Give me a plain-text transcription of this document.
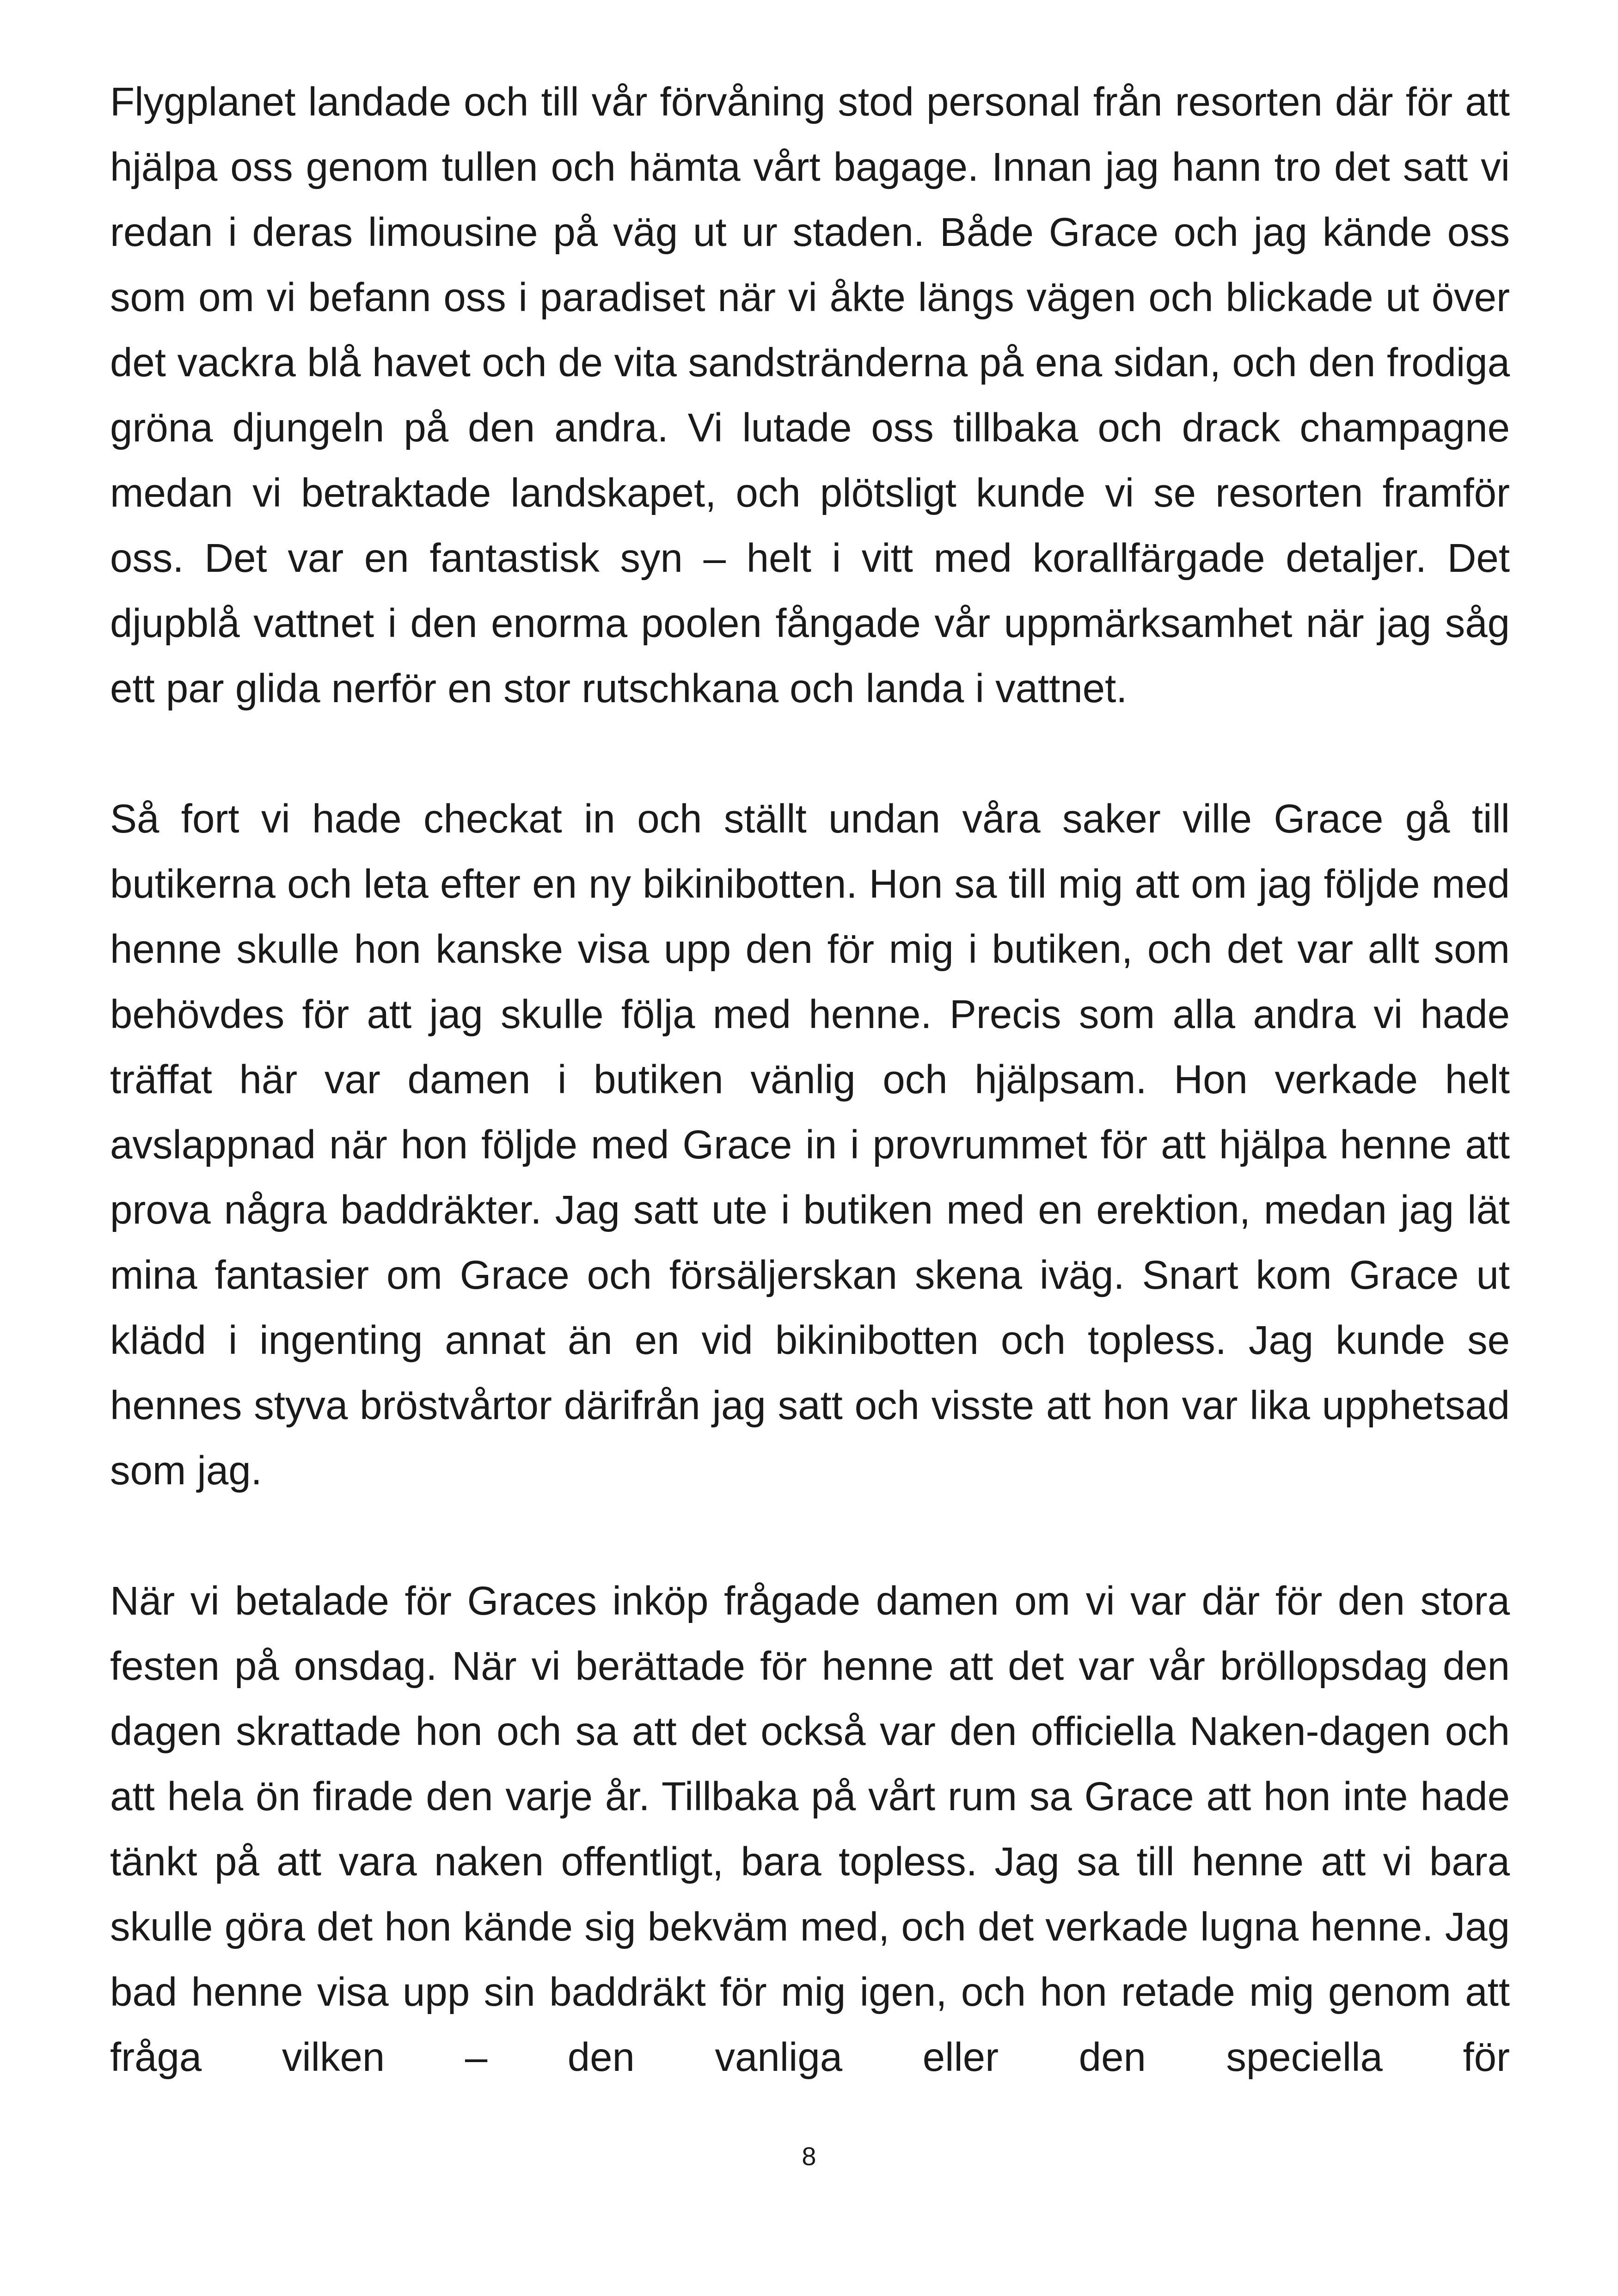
Flygplanet landade och till vår förvåning stod personal från resorten där för att hjälpa oss genom tullen och hämta vårt bagage. Innan jag hann tro det satt vi redan i deras limousine på väg ut ur staden. Både Grace och jag kände oss som om vi befann oss i paradiset när vi åkte längs vägen och blickade ut över det vackra blå havet och de vita sandstränderna på ena sidan, och den frodiga gröna djungeln på den andra. Vi lutade oss tillbaka och drack champagne medan vi betraktade landskapet, och plötsligt kunde vi se resorten framför oss. Det var en fantastisk syn – helt i vitt med korallfärgade detaljer. Det djupblå vattnet i den enorma poolen fångade vår uppmärksamhet när jag såg ett par glida nerför en stor rutschkana och landa i vattnet.

Så fort vi hade checkat in och ställt undan våra saker ville Grace gå till butikerna och leta efter en ny bikinibotten. Hon sa till mig att om jag följde med henne skulle hon kanske visa upp den för mig i butiken, och det var allt som behövdes för att jag skulle följa med henne. Precis som alla andra vi hade träffat här var damen i butiken vänlig och hjälpsam. Hon verkade helt avslappnad när hon följde med Grace in i provrummet för att hjälpa henne att prova några baddräkter. Jag satt ute i butiken med en erektion, medan jag lät mina fantasier om Grace och försäljerskan skena iväg. Snart kom Grace ut klädd i ingenting annat än en vid bikinibotten och topless. Jag kunde se hennes styva bröstvårtor därifrån jag satt och visste att hon var lika upphetsad som jag.

När vi betalade för Graces inköp frågade damen om vi var där för den stora festen på onsdag. När vi berättade för henne att det var vår bröllopsdag den dagen skrattade hon och sa att det också var den officiella Naken-dagen och att hela ön firade den varje år. Tillbaka på vårt rum sa Grace att hon inte hade tänkt på att vara naken offentligt, bara topless. Jag sa till henne att vi bara skulle göra det hon kände sig bekväm med, och det verkade lugna henne. Jag bad henne visa upp sin baddräkt för mig igen, och hon retade mig genom att fråga vilken – den vanliga eller den speciella för

8
